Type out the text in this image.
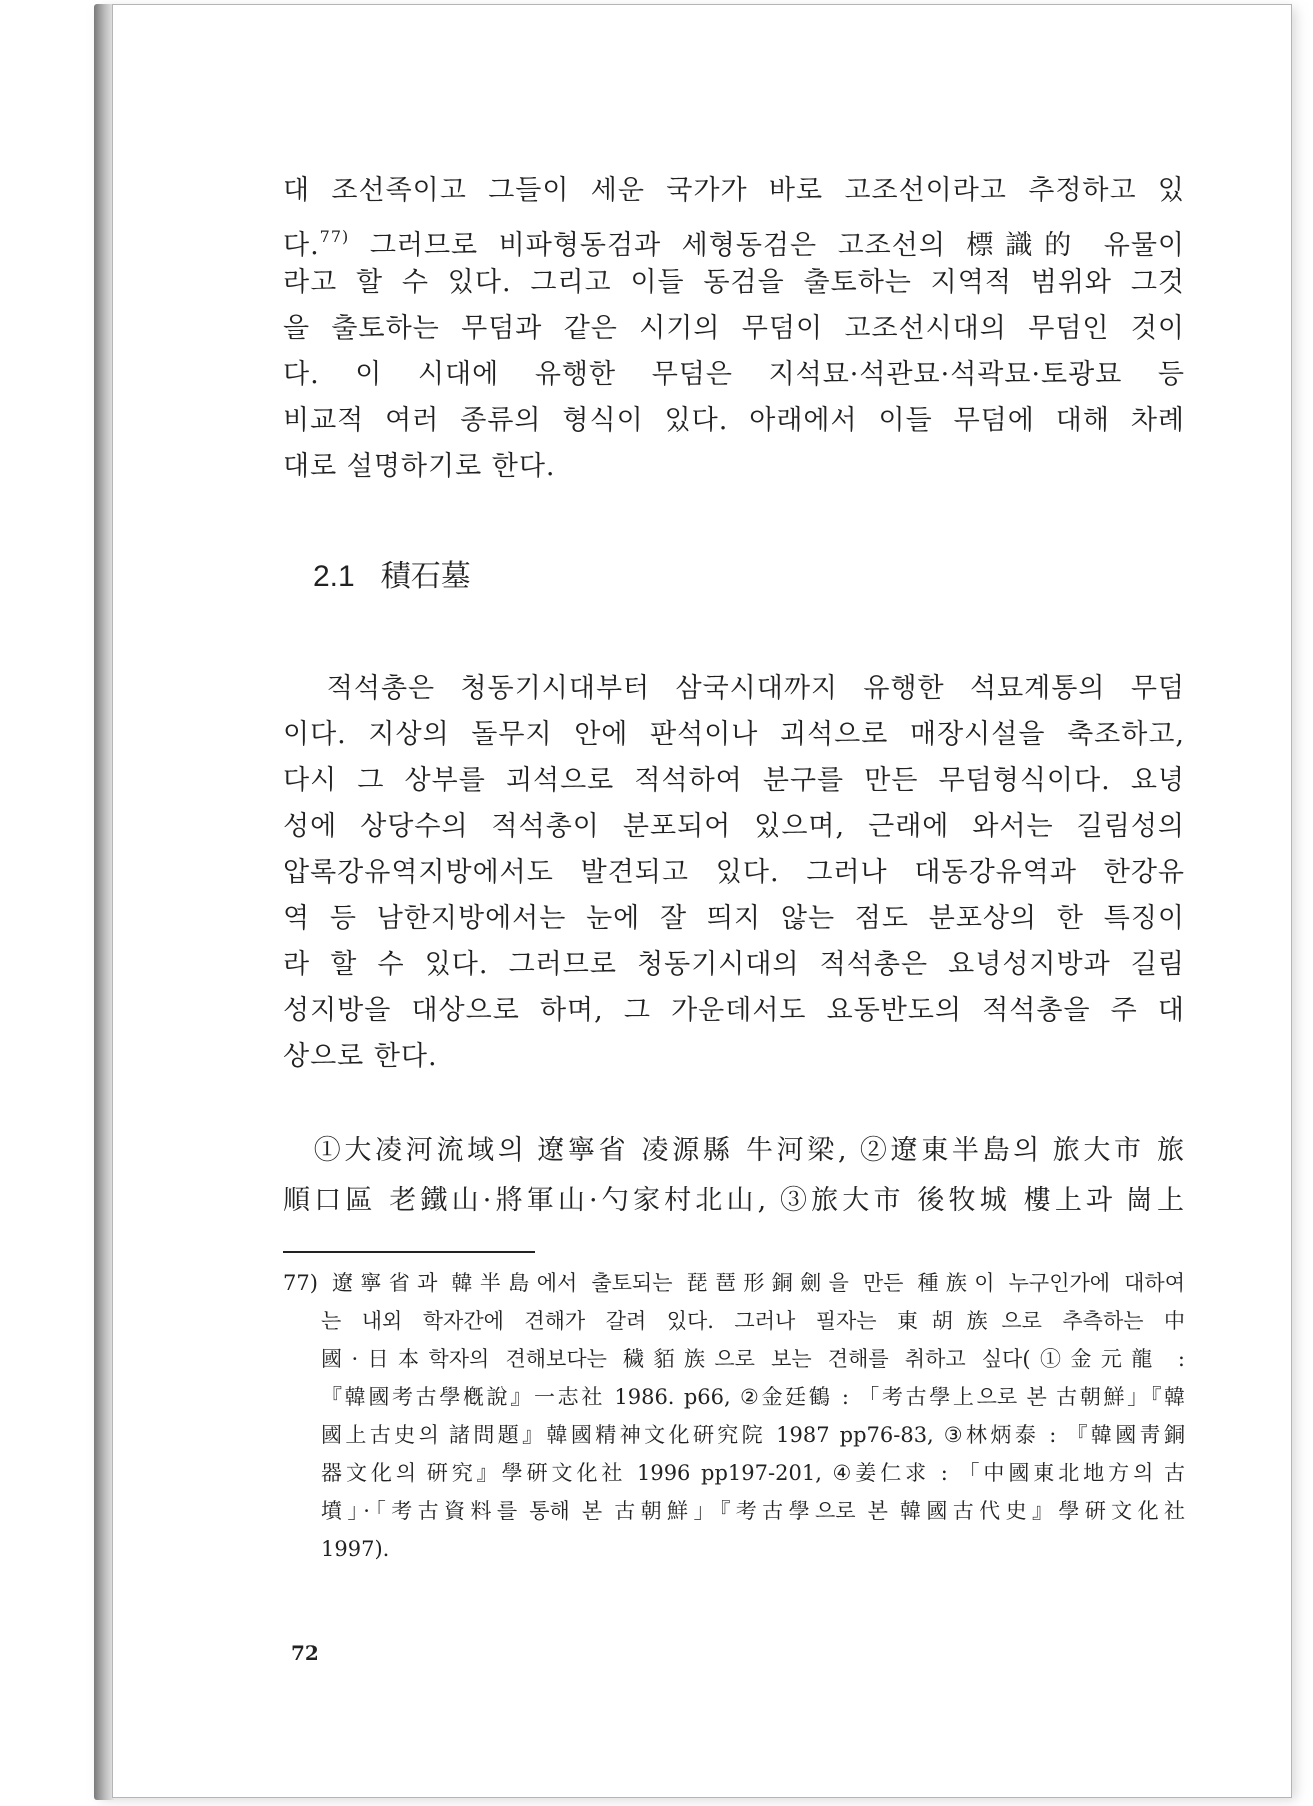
대 조선족이고 그들이 세운 국가가 바로 고조선이라고 추정하고 있
다.$^{77)}$ 그러므로 비파형동검과 세형동검은 고조선의 標識的 유물이
라고 할 수 있다. 그리고 이들 동검을 출토하는 지역적 범위와 그것
을 출토하는 무덤과 같은 시기의 무덤이 고조선시대의 무덤인 것이
다. 이 시대에 유행한 무덤은 지석묘·석관묘·석곽묘·토광묘 등
비교적 여러 종류의 형식이 있다. 아래에서 이들 무덤에 대해 차례
대로 설명하기로 한다.
2.1 積石墓
　적석총은 청동기시대부터 삼국시대까지 유행한 석묘계통의 무덤
이다. 지상의 돌무지 안에 판석이나 괴석으로 매장시설을 축조하고,
다시 그 상부를 괴석으로 적석하여 분구를 만든 무덤형식이다. 요녕
성에 상당수의 적석총이 분포되어 있으며, 근래에 와서는 길림성의
압록강유역지방에서도 발견되고 있다. 그러나 대동강유역과 한강유
역 등 남한지방에서는 눈에 잘 띄지 않는 점도 분포상의 한 특징이
라 할 수 있다. 그러므로 청동기시대의 적석총은 요녕성지방과 길림
성지방을 대상으로 하며, 그 가운데서도 요동반도의 적석총을 주 대
상으로 한다.
　①大凌河流域의 遼寧省 凌源縣 牛河梁, ②遼東半島의 旅大市 旅
順口區 老鐵山·將軍山·勺家村北山, ③旅大市 後牧城 樓上과 崗上
77) 遼寧省과 韓半島에서 출토되는 琵琶形銅劍을 만든 種族이 누구인가에 대하여
는 내외 학자간에 견해가 갈려 있다. 그러나 필자는 東胡族으로 추측하는 中
國·日本학자의 견해보다는 穢貊族으로 보는 견해를 취하고 싶다(①金元龍 :
『韓國考古學槪說』一志社 1986. p66, ②金廷鶴 : 「考古學上으로 본 古朝鮮」『韓
國上古史의 諸問題』韓國精神文化硏究院 1987 pp76-83, ③林炳泰 : 『韓國靑銅
器文化의 硏究』學硏文化社 1996 pp197-201, ④姜仁求 : 「中國東北地方의 古
墳」·「考古資料를 통해 본 古朝鮮」『考古學으로 본 韓國古代史』學硏文化社
1997).
72
